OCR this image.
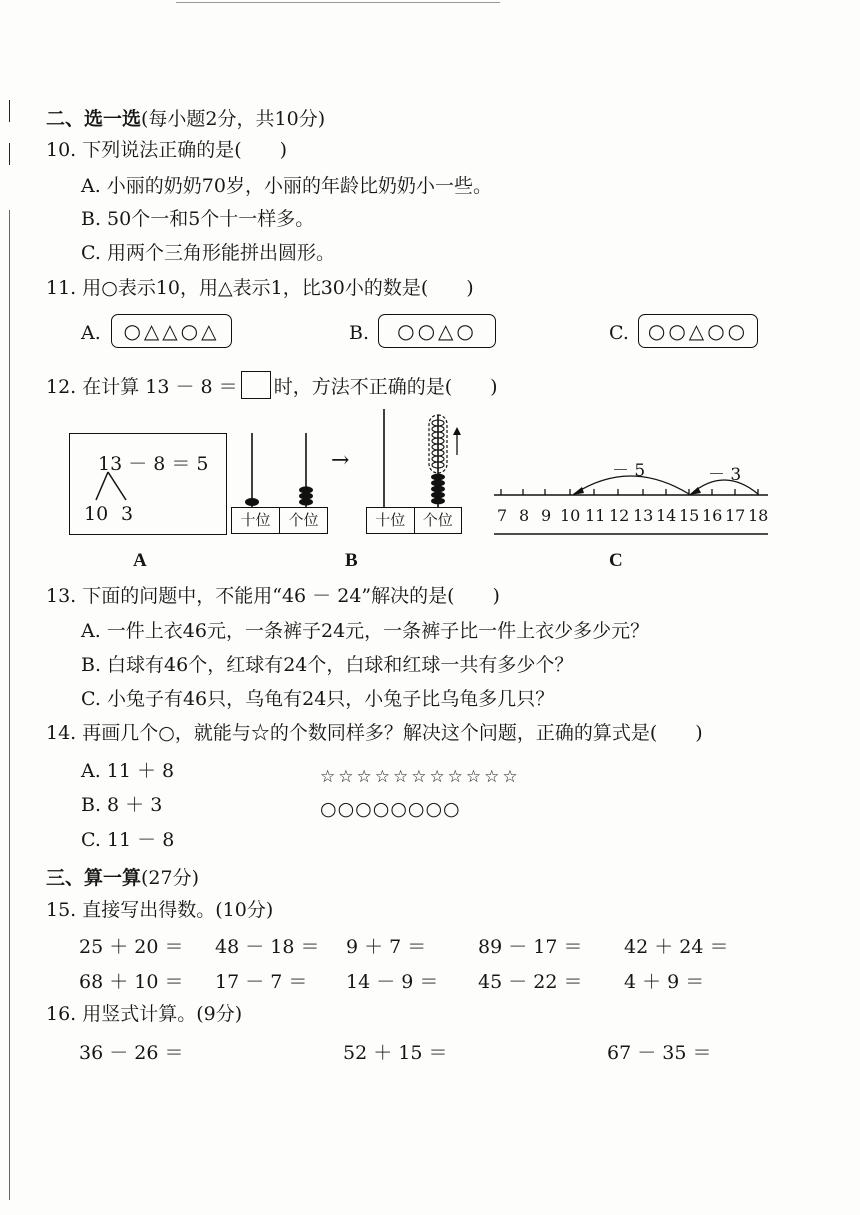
二、选一选(每小题2分，共10分)
10. 下列说法正确的是(　　)
A. 小丽的奶奶70岁，小丽的年龄比奶奶小一些。
B. 50个一和5个十一样多。
C. 用两个三角形能拼出圆形。
11. 用○表示10，用△表示1，比30小的数是(　　)
A.	○△△○△	B.	○○△○	C. ○○△○○
12. 在计算 13 － 8 ＝ 时，方法不正确的是(　　)
13 － 8 ＝ 5
10 3
A
十位	个位
→
十位	个位
B
－ 5	－ 3
7 8 9 10 11 12 13 14 15 16 17 18
C
13. 下面的问题中，不能用“46 － 24”解决的是(　　)
A. 一件上衣46元，一条裤子24元，一条裤子比一件上衣少多少元？
B. 白球有46个，红球有24个，白球和红球一共有多少个？
C. 小兔子有46只，乌龟有24只，小兔子比乌龟多几只？
14. 再画几个○，就能与☆的个数同样多？解决这个问题，正确的算式是(　　)
A. 11 ＋ 8
B. 8 ＋ 3
C. 11 － 8
☆☆☆☆☆☆☆☆☆☆☆
○○○○○○○○
三、算一算(27分)
15. 直接写出得数。(10分)
25 ＋ 20 ＝ 48 － 18 ＝ 9 ＋ 7 ＝	89 － 17 ＝ 42 ＋ 24 ＝
68 ＋ 10 ＝ 17 － 7 ＝ 14 － 9 ＝ 45 － 22 ＝ 4 ＋ 9 ＝
16. 用竖式计算。(9分)
36 － 26 ＝	52 ＋ 15 ＝	67 － 35 ＝
